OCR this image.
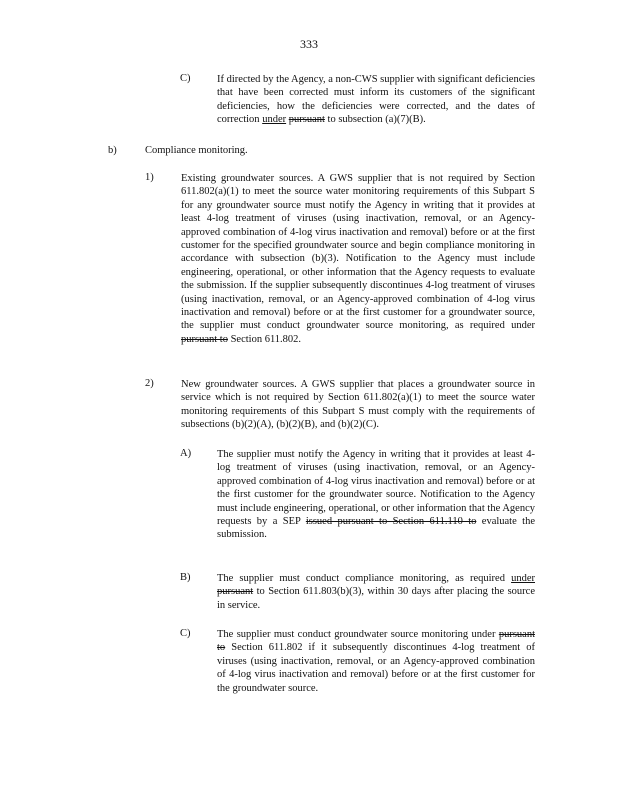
333
C)	If directed by the Agency, a non-CWS supplier with significant deficiencies that have been corrected must inform its customers of the significant deficiencies, how the deficiencies were corrected, and the dates of correction under pursuant to subsection (a)(7)(B).
b)	Compliance monitoring.
1)	Existing groundwater sources. A GWS supplier that is not required by Section 611.802(a)(1) to meet the source water monitoring requirements of this Subpart S for any groundwater source must notify the Agency in writing that it provides at least 4-log treatment of viruses (using inactivation, removal, or an Agency-approved combination of 4-log virus inactivation and removal) before or at the first customer for the specified groundwater source and begin compliance monitoring in accordance with subsection (b)(3). Notification to the Agency must include engineering, operational, or other information that the Agency requests to evaluate the submission. If the supplier subsequently discontinues 4-log treatment of viruses (using inactivation, removal, or an Agency-approved combination of 4-log virus inactivation and removal) before or at the first customer for a groundwater source, the supplier must conduct groundwater source monitoring, as required under pursuant to Section 611.802.
2)	New groundwater sources. A GWS supplier that places a groundwater source in service which is not required by Section 611.802(a)(1) to meet the source water monitoring requirements of this Subpart S must comply with the requirements of subsections (b)(2)(A), (b)(2)(B), and (b)(2)(C).
A) The supplier must notify the Agency in writing that it provides at least 4-log treatment of viruses (using inactivation, removal, or an Agency-approved combination of 4-log virus inactivation and removal) before or at the first customer for the groundwater source. Notification to the Agency must include engineering, operational, or other information that the Agency requests by a SEP issued pursuant to Section 611.110 to evaluate the submission.
B)	The supplier must conduct compliance monitoring, as required under pursuant to Section 611.803(b)(3), within 30 days after placing the source in service.
C)	The supplier must conduct groundwater source monitoring under pursuant to Section 611.802 if it subsequently discontinues 4-log treatment of viruses (using inactivation, removal, or an Agency-approved combination of 4-log virus inactivation and removal) before or at the first customer for the groundwater source.
